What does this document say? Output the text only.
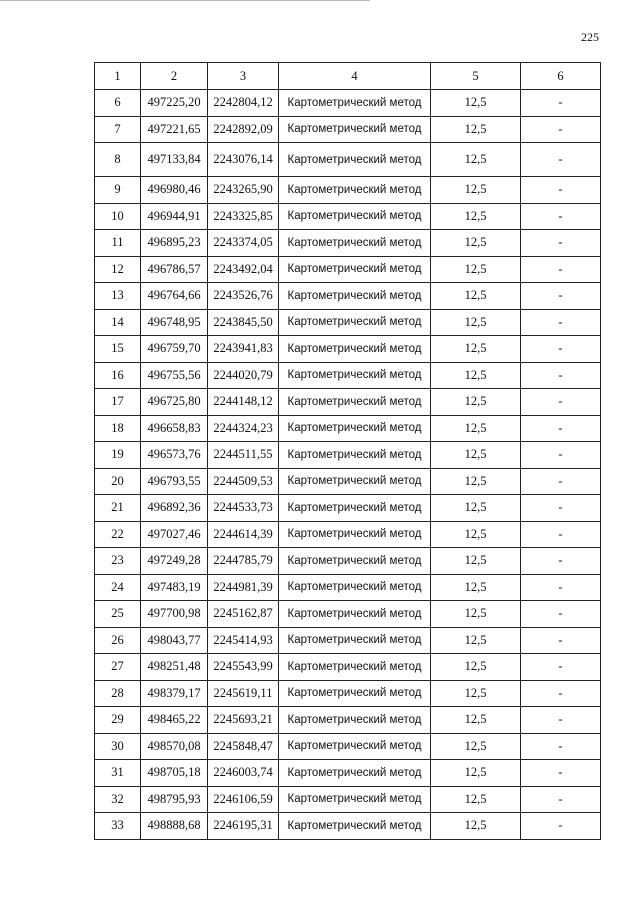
225
1	2	3	4	5	6
6	497225,20	2242804,12	Картометрический метод	12,5	-
7	497221,65	2242892,09	Картометрический метод	12,5	-
8	497133,84	2243076,14	Картометрический метод	12,5	-
9	496980,46	2243265,90	Картометрический метод	12,5	-
10	496944,91	2243325,85	Картометрический метод	12,5	-
11	496895,23	2243374,05	Картометрический метод	12,5	-
12	496786,57	2243492,04	Картометрический метод	12,5	-
13	496764,66	2243526,76	Картометрический метод	12,5	-
14	496748,95	2243845,50	Картометрический метод	12,5	-
15	496759,70	2243941,83	Картометрический метод	12,5	-
16	496755,56	2244020,79	Картометрический метод	12,5	-
17	496725,80	2244148,12	Картометрический метод	12,5	-
18	496658,83	2244324,23	Картометрический метод	12,5	-
19	496573,76	2244511,55	Картометрический метод	12,5	-
20	496793,55	2244509,53	Картометрический метод	12,5	-
21	496892,36	2244533,73	Картометрический метод	12,5	-
22	497027,46	2244614,39	Картометрический метод	12,5	-
23	497249,28	2244785,79	Картометрический метод	12,5	-
24	497483,19	2244981,39	Картометрический метод	12,5	-
25	497700,98	2245162,87	Картометрический метод	12,5	-
26	498043,77	2245414,93	Картометрический метод	12,5	-
27	498251,48	2245543,99	Картометрический метод	12,5	-
28	498379,17	2245619,11	Картометрический метод	12,5	-
29	498465,22	2245693,21	Картометрический метод	12,5	-
30	498570,08	2245848,47	Картометрический метод	12,5	-
31	498705,18	2246003,74	Картометрический метод	12,5	-
32	498795,93	2246106,59	Картометрический метод	12,5	-
33	498888,68	2246195,31	Картометрический метод	12,5	-
